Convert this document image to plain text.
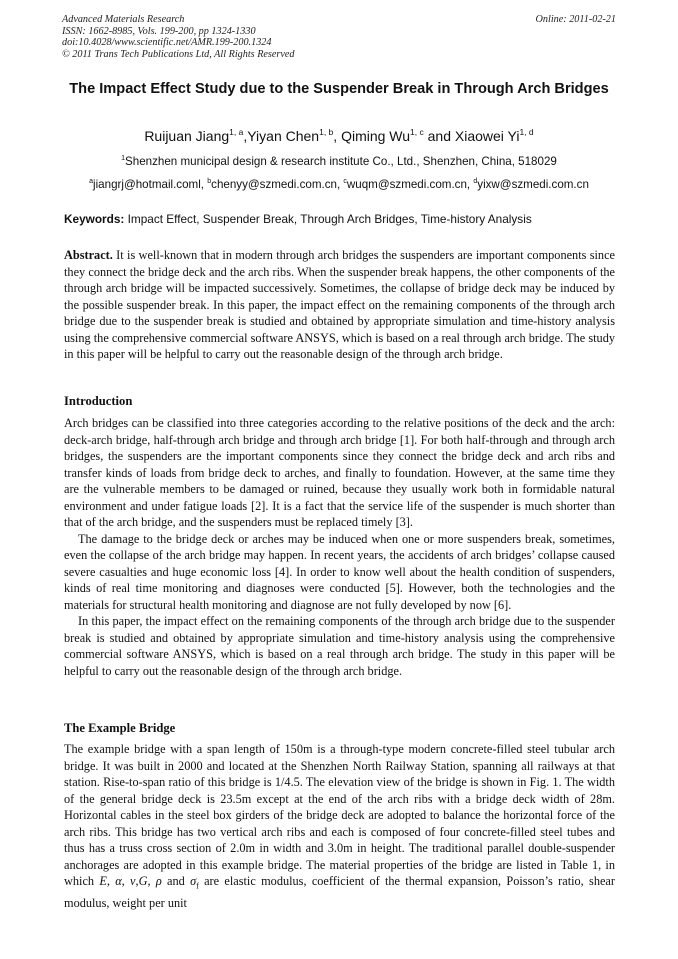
Advanced Materials Research
ISSN: 1662-8985, Vols. 199-200, pp 1324-1330
doi:10.4028/www.scientific.net/AMR.199-200.1324
© 2011 Trans Tech Publications Ltd, All Rights Reserved
Online: 2011-02-21
The Impact Effect Study due to the Suspender Break in Through Arch Bridges
Ruijuan Jiang$^{1, a}$,Yiyan Chen$^{1, b}$, Qiming Wu$^{1, c}$ and Xiaowei Yi$^{1, d}$
$^1$Shenzhen municipal design & research institute Co., Ltd., Shenzhen, China, 518029
$^a$jiangrj@hotmail.coml, $^b$chenyy@szmedi.com.cn, $^c$wuqm@szmedi.com.cn, $^d$yixw@szmedi.com.cn
Keywords: Impact Effect, Suspender Break, Through Arch Bridges, Time-history Analysis

Abstract. It is well-known that in modern through arch bridges the suspenders are important components since they connect the bridge deck and the arch ribs. When the suspender break happens, the other components of the through arch bridge will be impacted successively. Sometimes, the collapse of bridge deck may be induced by the possible suspender break. In this paper, the impact effect on the remaining components of the through arch bridge due to the suspender break is studied and obtained by appropriate simulation and time-history analysis using the comprehensive commercial software ANSYS, which is based on a real through arch bridge. The study in this paper will be helpful to carry out the reasonable design of the through arch bridge.

Introduction

Arch bridges can be classified into three categories according to the relative positions of the deck and the arch: deck-arch bridge, half-through arch bridge and through arch bridge [1]. For both half-through and through arch bridges, the suspenders are the important components since they connect the bridge deck and arch ribs and transfer kinds of loads from bridge deck to arches, and finally to foundation. However, at the same time they are the vulnerable members to be damaged or ruined, because they usually work both in formidable natural environment and under fatigue loads [2]. It is a fact that the service life of the suspender is much shorter than that of the arch bridge, and the suspenders must be replaced timely [3].

The damage to the bridge deck or arches may be induced when one or more suspenders break, sometimes, even the collapse of the arch bridge may happen. In recent years, the accidents of arch bridges’ collapse caused severe casualties and huge economic loss [4]. In order to know well about the health condition of suspenders, kinds of real time monitoring and diagnoses were conducted [5]. However, both the technologies and the materials for structural health monitoring and diagnose are not fully developed by now [6].

In this paper, the impact effect on the remaining components of the through arch bridge due to the suspender break is studied and obtained by appropriate simulation and time-history analysis using the comprehensive commercial software ANSYS, which is based on a real through arch bridge. The study in this paper will be helpful to carry out the reasonable design of the through arch bridge.

The Example Bridge

The example bridge with a span length of 150m is a through-type modern concrete-filled steel tubular arch bridge. It was built in 2000 and located at the Shenzhen North Railway Station, spanning all railways at that station. Rise-to-span ratio of this bridge is 1/4.5. The elevation view of the bridge is shown in Fig. 1. The width of the general bridge deck is 23.5m except at the end of the arch ribs with a bridge deck width of 28m. Horizontal cables in the steel box girders of the bridge deck are adopted to balance the horizontal force of the arch ribs. This bridge has two vertical arch ribs and each is composed of four concrete-filled steel tubes and thus has a truss cross section of 2.0m in width and 3.0m in height. The traditional parallel double-suspender anchorages are adopted in this example bridge. The material properties of the bridge are listed in Table 1, in which E, α, ν,G, ρ and $\sigma_f$ are elastic modulus, coefficient of the thermal expansion, Poisson’s ratio, shear modulus, weight per unit
